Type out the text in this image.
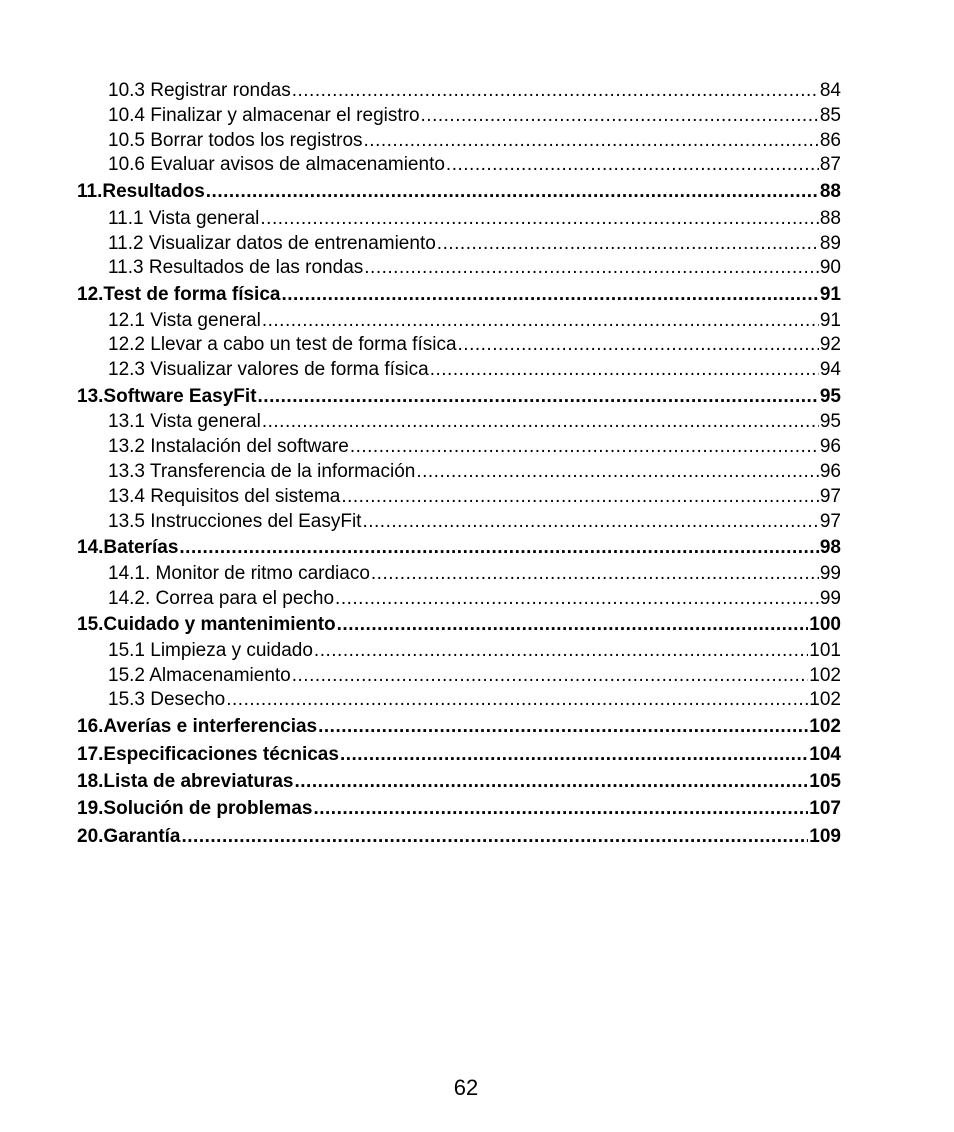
10.3 Registrar rondas .....	84
10.4 Finalizar y almacenar el registro .....	85
10.5 Borrar todos los registros .....	86
10.6 Evaluar avisos de almacenamiento .....	87
11.Resultados .....	88
11.1 Vista general .....	88
11.2 Visualizar datos de entrenamiento .....	89
11.3 Resultados de las rondas .....	90
12.Test de forma física .....	91
12.1 Vista general .....	91
12.2 Llevar a cabo un test de forma física .....	92
12.3 Visualizar valores de forma física .....	94
13.Software EasyFit .....	95
13.1 Vista general .....	95
13.2 Instalación del software .....	96
13.3 Transferencia de la información .....	96
13.4 Requisitos del sistema .....	97
13.5 Instrucciones del EasyFit .....	97
14.Baterías .....	98
14.1. Monitor de ritmo cardiaco .....	99
14.2. Correa para el pecho .....	99
15.Cuidado y mantenimiento .....	100
15.1 Limpieza y cuidado .....	101
15.2 Almacenamiento .....	102
15.3 Desecho .....	102
16.Averías e interferencias .....	102
17.Especificaciones técnicas .....	104
18.Lista de abreviaturas .....	105
19.Solución de problemas .....	107
20.Garantía .....	109
62
